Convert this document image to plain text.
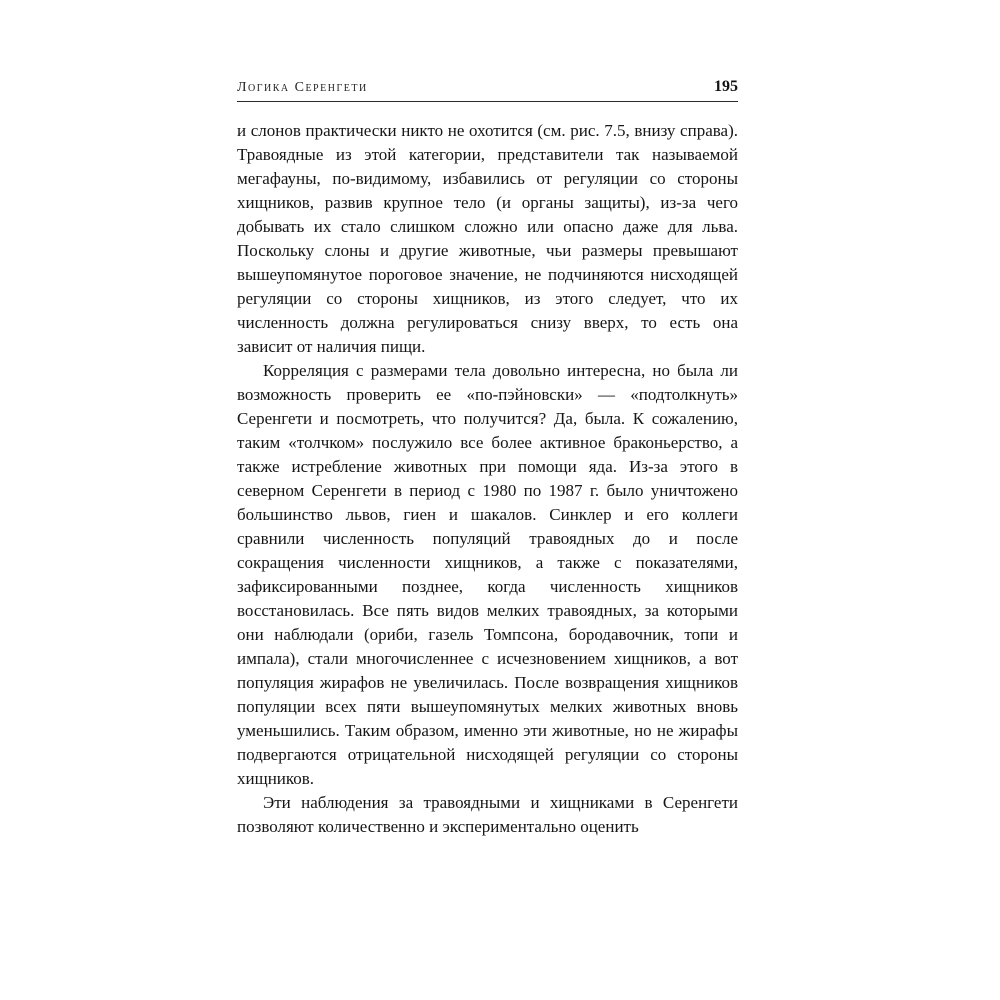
Логика Серенгети	195

и слонов практически никто не охотится (см. рис. 7.5, внизу справа). Травоядные из этой категории, представители так называемой мегафауны, по-видимому, избавились от регуляции со стороны хищников, развив крупное тело (и органы защиты), из-за чего добывать их стало слишком сложно или опасно даже для льва. Поскольку слоны и другие животные, чьи размеры превышают вышеупомянутое пороговое значение, не подчиняются нисходящей регуляции со стороны хищников, из этого следует, что их численность должна регулироваться снизу вверх, то есть она зависит от наличия пищи.

Корреляция с размерами тела довольно интересна, но была ли возможность проверить ее «по-пэйновски» — «подтолкнуть» Серенгети и посмотреть, что получится? Да, была. К сожалению, таким «толчком» послужило все более активное браконьерство, а также истребление животных при помощи яда. Из-за этого в северном Серенгети в период с 1980 по 1987 г. было уничтожено большинство львов, гиен и шакалов. Синклер и его коллеги сравнили численность популяций травоядных до и после сокращения численности хищников, а также с показателями, зафиксированными позднее, когда численность хищников восстановилась. Все пять видов мелких травоядных, за которыми они наблюдали (ориби, газель Томпсона, бородавочник, топи и импала), стали многочисленнее с исчезновением хищников, а вот популяция жирафов не увеличилась. После возвращения хищников популяции всех пяти вышеупомянутых мелких животных вновь уменьшились. Таким образом, именно эти животные, но не жирафы подвергаются отрицательной нисходящей регуляции со стороны хищников.

Эти наблюдения за травоядными и хищниками в Серенгети позволяют количественно и экспериментально оценить
